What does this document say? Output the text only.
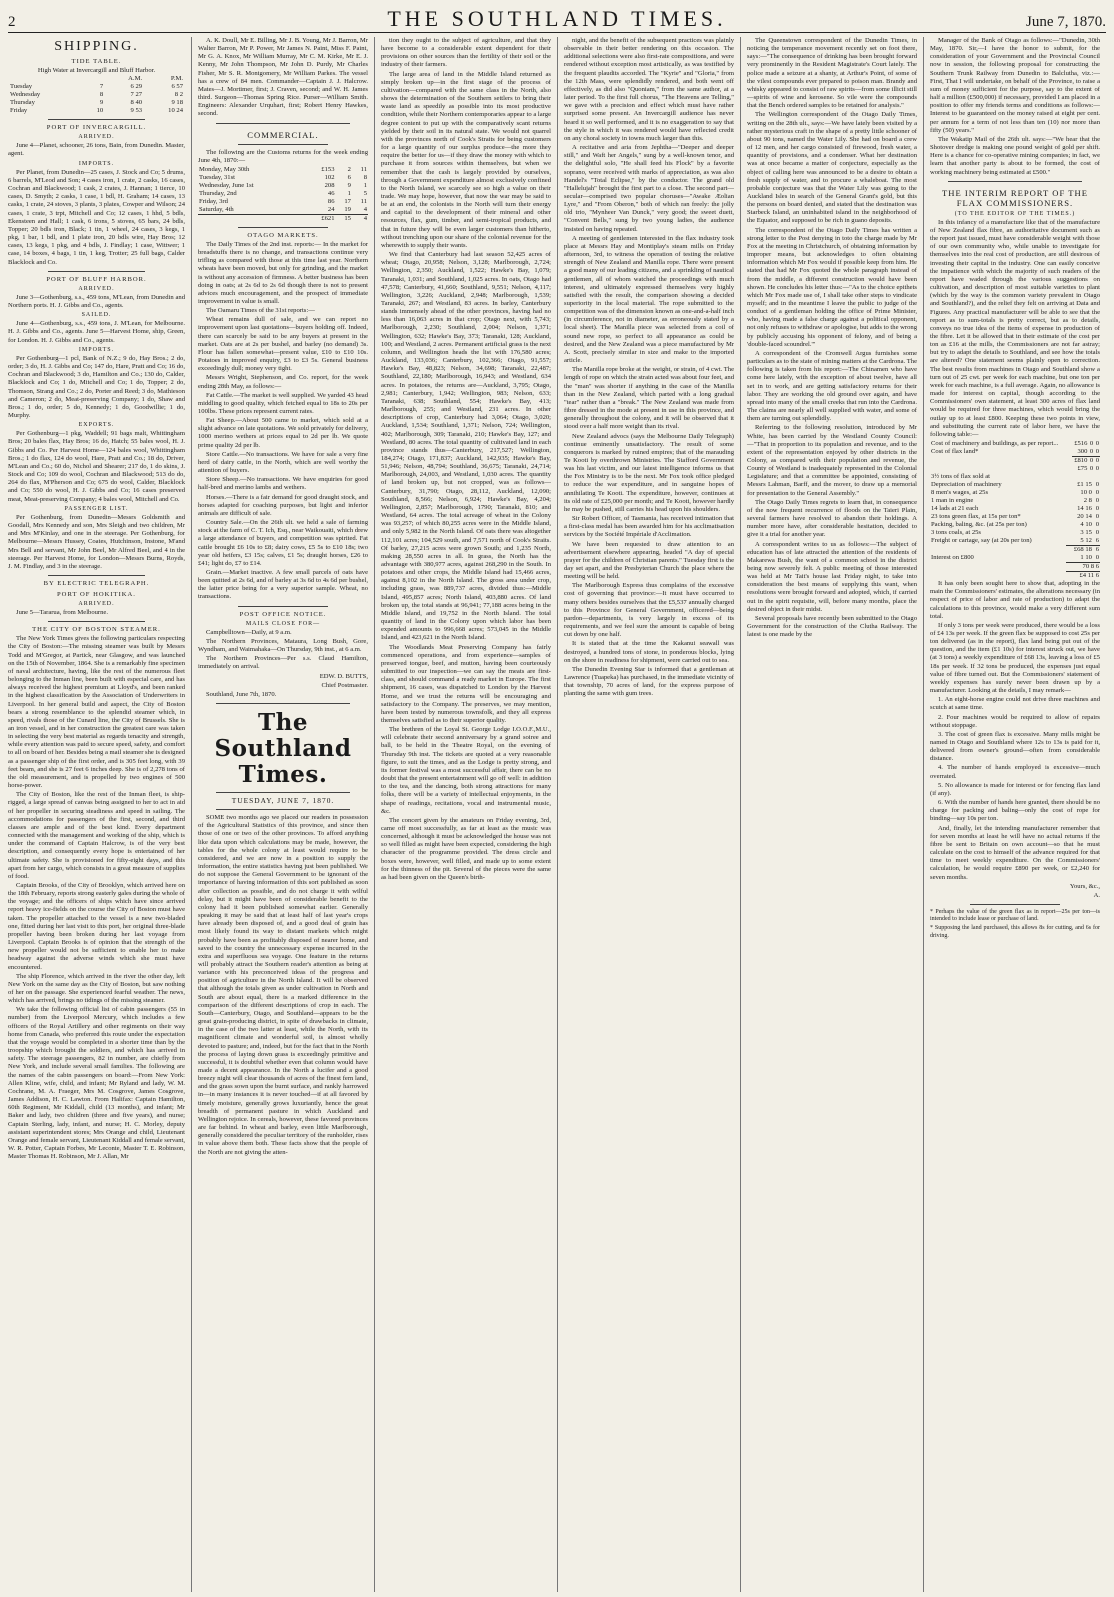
2	THE SOUTHLAND TIMES.	June 7, 1870.
SHIPPING.
TIDE TABLE.
High Water at Invercargill and Bluff Harbor.
		A.M.	P.M.
Tuesday	7	6 29	6 57
Wednesday	8	7 27	8 2
Thursday	9	8 40	9 18
Friday	10	9 53	10 24
PORT OF INVERCARGILL.
ARRIVED.

June 4—Planet, schooner, 26 tons, Bain, from Dunedin. Master, agent.

IMPORTS.

Per Planet, from Dunedin—25 cases, J. Stock and Co; 5 drums, 6 barrels, M'Leod and Son; 4 cases iron, 1 crate, 2 casks, 16 cases, Cochran and Blackwood; 1 cask, 2 crates, J. Hannan; 1 tierce, 10 cases, D. Smyth; 2 casks, 1 case, 1 bdl, H. Graham; 14 cases, 13 casks, 1 crate, 24 stoves, 3 plants, 3 plates, Cowper and Wilson; 24 cases, 1 crate, 3 trpt, Mitchell and Co; 12 cases, 1 hhd, 5 bdls, Ekensteen and Hall; 1 cask, 6 irons, 5 stoves, 65 bars, 24 bdls, Topper; 20 bdls iron, Black; 1 tin, 1 wheel, 24 cases, 3 kegs, 1 pkg, 1 bar, 1 bdl, and 1 plate iron, 20 bdls wire, Hay Bros; 12 cases, 13 kegs, 1 pkg, and 4 bdls, J. Findlay; 1 case, Wittwer; 1 case, 14 boxes, 4 bags, 1 tin, 1 keg, Trotter; 25 full bags, Calder Blacklock and Co.

PORT OF BLUFF HARBOR.
ARRIVED.

June 3—Gothenburg, s.s., 459 tons, M'Lean, from Dunedin and Northern ports. H. J. Gibbs and Co., agents.

SAILED.

June 4—Gothenburg, s.s., 459 tons, J. M'Lean, for Melbourne. H. J. Gibbs and Co., agents. June 5—Harvest Home, ship, Green, for London. H. J. Gibbs and Co., agents.

IMPORTS.

Per Gothenburg—1 pcl, Bank of N.Z.; 9 do, Hay Bros.; 2 do, order; 3 do, H. J. Gibbs and Co; 147 do, Hare, Pratt and Co; 16 do, Cochran and Blackwood; 3 do, Hamilton and Co.; 130 do, Calder, Blacklock and Co; 1 do, Mitchell and Co; 1 do, Topper; 2 do, Thomson, Strang and Co.; 2 do, Porter and Reed; 3 do, Mathieson and Cameron; 2 do, Meat-preserving Company; 1 do, Shaw and Bros.; 1 do, order; 5 do, Kennedy; 1 do, Goodwillie; 1 do, Murphy.

EXPORTS.

Per Gothenburg—1 pkg, Waddell; 91 bags malt, Whittingham Bros; 20 bales flax, Hay Bros; 16 do, Hatch; 55 bales wool, H. J. Gibbs and Co. Per Harvest Home—124 bales wool, Whittingham Bros.; 1 do flax, 124 do wool, Hare, Pratt and Co.; 18 do, Driver, M'Lean and Co.; 60 do, Nichol and Shearer; 217 do, 1 do skins, J. Stock and Co; 109 do wool, Cochran and Blackwood; 513 do do, 264 do flax, M'Pherson and Co; 675 do wool, Calder, Blacklock and Co; 550 do wool, H. J. Gibbs and Co; 16 cases preserved meat, Meat-preserving Company; 4 bales wool, Mitchell and Co.

PASSENGER LIST.

Per Gothenburg, from Dunedin—Messrs Goldsmith and Goodall, Mrs Kennedy and son, Mrs Sleigh and two children, Mr and Mrs M'Kinlay, and one in the steerage. Per Gothenburg, for Melbourne—Messrs Hussey, Coates, Hutchinson, Instone, M'and Mrs Bell and servant, Mr John Beel, Mr Alfred Beel, and 4 in the steerage. Per Harvest Home, for London—Messrs Burns, Royds, J. M. Findlay, and 3 in the steerage.

BY ELECTRIC TELEGRAPH.
PORT OF HOKITIKA.
ARRIVED.

June 5—Tararua, from Melbourne.

THE CITY OF BOSTON STEAMER.

The New York Times gives the following particulars respecting the City of Boston:—The missing steamer was built by Messrs Todd and M'Gregor, at Partick, near Glasgow, and was launched on the 15th of November, 1864. She is a remarkably fine specimen of naval architecture, having, like the rest of the numerous fleet belonging to the Inman line, been built with especial care, and has always received the highest premium at Lloyd's, and been ranked in the highest classification by the Association of Underwriters in Liverpool. In her general build and aspect, the City of Boston bears a strong resemblance to the splendid steamer which, in speed, rivals those of the Cunard line, the City of Brussels. She is an iron vessel, and in her construction the greatest care was taken in selecting the very best material as regards tenacity and strength, while every attention was paid to secure speed, safety, and comfort to all on board of her. Besides being a mail steamer she is designed as a passenger ship of the first order, and is 305 feet long, with 39 feet beam, and she is 27 feet 6 inches deep. She is of 2,278 tons of the old measurement, and is propelled by two engines of 500 horse-power.

The City of Boston, like the rest of the Inman fleet, is ship-rigged, a large spread of canvas being assigned to her to act in aid of her propeller in securing steadiness and speed in sailing. The accommodations for passengers of the first, second, and third classes are ample and of the best kind. Every department connected with the management and working of the ship, which is under the command of Captain Halcrow, is of the very best description, and consequently every hope is entertained of her ultimate safety. She is provisioned for fifty-eight days, and this apart from her cargo, which consists in a great measure of supplies of food.

Captain Brooks, of the City of Brooklyn, which arrived here on the 18th February, reports strong easterly gales during the whole of the voyage; and the officers of ships which have since arrived report heavy ice-fields on the course the City of Boston must have taken. The propeller attached to the vessel is a new two-bladed one, fitted during her last visit to this port, her original three-blade propeller having been broken during her last voyage from Liverpool. Captain Brooks is of opinion that the strength of the new propeller would not be sufficient to enable her to make headway against the adverse winds which she must have encountered.

The ship Florence, which arrived in the river the other day, left New York on the same day as the City of Boston, but saw nothing of her on the passage. She experienced fearful weather. The news, which has arrived, brings no tidings of the missing steamer.

We take the following official list of cabin passengers (55 in number) from the Liverpool Mercury, which includes a few officers of the Royal Artillery and other regiments on their way home from Canada, who preferred this route under the expectation that the voyage would be completed in a shorter time than by the troopship which brought the soldiers, and which has arrived in safety. The steerage passengers, 82 in number, are chiefly from New York, and include several small families. The following are the names of the cabin passengers on board:—From New York: Allen Kline, wife, child, and infant; Mr Ryland and lady, W. M. Cochrane, M. A. Fraeger, Mrs M. Cosgrove, James Cosgrove, James Addison, H. C. Lawton. From Halifax: Captain Hamilton, 60th Regiment, Mr Kiddall, child (13 months), and infant; Mr Baker and lady, two children (three and five years), and nurse; Captain Sterling, lady, infant, and nurse; H. C. Morley, deputy assistant superintendent stores; Mrs Orange and child, Lieutenant Orange and female servant, Lieutenant Kiddall and female servant, W. R. Potter, Captain Forbes, Mr Leconte, Master T. E. Robinson, Master Thomas H. Robinson, Mr J. Allan, Mr

A. K. Doull, Mr E. Billing, Mr J. B. Young, Mr J. Barron, Mr Walter Barron, Mr P. Power, Mr James N. Paint, Miss F. Paint, Mr G. A. Knox, Mr William Murray, Mr C. M. Kirke, Mr E. J. Kenny, Mr John Thompson, Mr John D. Purdy, Mr Charles Fisher, Mr S. R. Montgomery, Mr William Parkes. The vessel has a crew of 84 men. Commander—Captain J. J. Halcrow. Mates—J. Mortimer, first; J. Craven, second; and W. H. James third. Surgeon—Thomas Spring Rice. Purser—William Smith. Engineers: Alexander Urquhart, first; Robert Henry Hawkes, second.

COMMERCIAL.

The following are the Customs returns for the week ending June 4th, 1870:—

Monday, May 30th	£153	2	11
Tuesday, 31st	102	6	8
Wednesday, June 1st	208	9	1
Thursday, 2nd	46	1	5
Friday, 3rd	86	17	11
Saturday, 4th	24	19	4
	£621	15	4
OTAGO MARKETS.

The Daily Times of the 2nd inst. reports:— In the market for breadstuffs there is no change, and transactions continue very trifling as compared with those at this time last year. Northern wheats have been moved, but only for grinding, and the market is without any accession of firmness. A better business has been doing in oats; at 2s 6d to 2s 6d though there is not to present advices much encouragement, and the prospect of immediate improvement in value is small.

The Oamaru Times of the 31st reports:—

Wheat remains dull of sale, and we can report no improvement upon last quotations—buyers holding off. Indeed, there can scarcely be said to be any buyers at present in the market. Oats are at 2s per bushel, and barley (no demand) 3s. Flour has fallen somewhat—present value, £10 to £10 10s. Potatoes in improved enquiry, £3 to £3 5s. General business exceedingly dull; money very tight.

Messrs Wright, Stephenson, and Co. report, for the week ending 28th May, as follows:—

Fat Cattle.—The market is well supplied. We yarded 43 head middling to good quality, which fetched equal to 18s to 20s per 100lbs. These prices represent current rates.

Fat Sheep.—About 500 came to market, which sold at a slight advance on late quotations. We sold privately for delivery, 1000 merino wethers at prices equal to 2d per lb. We quote prime quality 2d per lb.

Store Cattle.—No transactions. We have for sale a very fine herd of dairy cattle, in the North, which are well worthy the attention of buyers.

Store Sheep.—No transactions. We have enquiries for good half-bred and merino lambs and wethers.

Horses.—There is a fair demand for good draught stock, and horses adapted for coaching purposes, but light and inferior animals are difficult of sale.

Country Sale.—On the 26th ult. we held a sale of farming stock at the farm of C. T. Ich, Esq., near Waikouaiti, which drew a large attendance of buyers, and competition was spirited. Fat cattle brought £6 10s to £8; dairy cows, £5 5s to £10 18s; two year old heifers, £3 15s; calves, £1 5s; draught horses, £26 to £41; light do, £7 to £14.

Grain.—Market inactive. A few small parcels of oats have been quitted at 2s 6d, and of barley at 3s 6d to 4s 6d per bushel, the latter price being for a very superior sample. Wheat, no transactions.

POST OFFICE NOTICE.
MAILS CLOSE FOR—

Campbelltown—Daily, at 9 a.m.

The Northern Provinces, Mataura, Long Bush, Gore, Wyndham, and Waimahaka—On Thursday, 9th inst., at 6 a.m.

The Northern Provinces—Per s.s. Claud Hamilton, immediately on arrival.

EDW. D. BUTTS,

Chief Postmaster.

Southland, June 7th, 1870.

The Southland Times.
TUESDAY, JUNE 7, 1870.

SOME two months ago we placed our readers in possession of the Agricultural Statistics of this province, and since then those of one or two of the other provinces. To afford anything like data upon which calculations may be made, however, the tables for the whole colony at least would require to be considered, and we are now in a position to supply the information, the entire statistics having just been published. We do not suppose the General Government to be ignorant of the importance of having information of this sort published as soon after collection as possible, and do not charge it with wilful delay, but it might have been of considerable benefit to the colony had it been published somewhat earlier. Generally speaking it may be said that at least half of last year's crops have already been disposed of, and a good deal of grain has most likely found its way to distant markets which might probably have been as profitably disposed of nearer home, and saved to the country the unnecessary expense incurred in the extra and superfluous sea voyage. One feature in the returns will probably attract the Southern reader's attention as being at variance with his preconceived ideas of the progress and position of agriculture in the North Island. It will be observed that although the totals given as under cultivation in North and South are about equal, there is a marked difference in the comparison of the different descriptions of crop in each. The South—Canterbury, Otago, and Southland—appears to be the great grain-producing district, in spite of drawbacks in climate, in the case of the two latter at least, while the North, with its magnificent climate and wonderful soil, is almost wholly devoted to pasture; and, indeed, but for the fact that in the North the process of laying down grass is exceedingly primitive and successful, it is doubtful whether even that column would have made a decent appearance. In the North a lucifer and a good breezy night will clear thousands of acres of the finest fern land, and the grass sown upon the burnt surface, and rankly harrowed in—in many instances it is never touched—if at all favored by timely moisture, generally grows luxuriantly, hence the great breadth of permanent pasture in which Auckland and Wellington rejoice. In cereals, however, these favored provinces are far behind. In wheat and barley, even little Marlborough, generally considered the peculiar territory of the runholder, rises in value above them both. These facts show that the people of the North are not giving the atten-

tion they ought to the subject of agriculture, and that they have become to a considerable extent dependent for their provisions on other sources than the fertility of their soil or the industry of their farmers.

The large area of land in the Middle Island returned as simply broken up—in the first stage of the process of cultivation—compared with the same class in the North, also shows the determination of the Southern settlers to bring their waste land as speedily as possible into its most productive condition, while their Northern contemporaries appear to a large degree content to put up with the comparatively scant returns yielded by their soil in its natural state. We would not quarrel with the provinces north of Cook's Straits for being customers for a large quantity of our surplus produce—the more they require the better for us—if they draw the money with which to purchase it from sources within themselves, but when we remember that the cash is largely provided by ourselves, through a Government expenditure almost exclusively confined to the North Island, we scarcely see so high a value on their trade. We may hope, however, that now the war may be said to be at an end, the colonists in the North will turn their energy and capital to the development of their mineral and other resources, flax, gum, timber, and semi-tropical products, and that in future they will be even larger customers than hitherto, without trenching upon our share of the colonial revenue for the wherewith to supply their wants.

We find that Canterbury had last season 52,425 acres of wheat; Otago, 20,958; Nelson, 3,128; Marlborough, 2,724; Wellington, 2,350; Auckland, 1,522; Hawke's Bay, 1,079; Taranaki, 1,031; and Southland, 1,025 acres. In oats, Otago had 47,578; Canterbury, 41,660; Southland, 9,551; Nelson, 4,117; Wellington, 3,226; Auckland, 2,948; Marlborough, 1,539; Taranaki, 267; and Westland, 83 acres. In barley, Canterbury stands immensely ahead of the other provinces, having had no less than 16,063 acres in that crop; Otago next, with 5,743; Marlborough, 2,230; Southland, 2,004; Nelson, 1,371; Wellington, 632; Hawke's Bay, 373; Taranaki, 128; Auckland, 100; and Westland, 2 acres. Permanent artificial grass is the next column, and Wellington heads the list with 176,580 acres; Auckland, 133,036; Canterbury, 102,366; Otago, 91,557; Hawke's Bay, 48,823; Nelson, 34,698; Taranaki, 22,487; Southland, 22,180; Marlborough, 16,943; and Westland, 634 acres. In potatoes, the returns are—Auckland, 3,795; Otago, 2,981; Canterbury, 1,942; Wellington, 983; Nelson, 633; Taranaki, 638; Southland, 554; Hawke's Bay, 413; Marlborough, 255; and Westland, 231 acres. In other descriptions of crop, Canterbury had 3,064; Otago, 3,020; Auckland, 1,534; Southland, 1,371; Nelson, 724; Wellington, 402; Marlborough, 309; Taranaki, 210; Hawke's Bay, 127; and Westland, 80 acres. The total quantity of cultivated land in each province stands thus—Canterbury, 217,527; Wellington, 184,274; Otago, 171,837; Auckland, 142,935; Hawke's Bay, 51,946; Nelson, 48,794; Southland, 36,675; Taranaki, 24,714; Marlborough, 24,003, and Westland, 1,030 acres. The quantity of land broken up, but not cropped, was as follows—Canterbury, 31,790; Otago, 28,112, Auckland, 12,090; Southland, 8,566; Nelson, 6,924; Hawke's Bay, 4,204; Wellington, 2,857; Marlborough, 1790; Taranaki, 810; and Westland, 64 acres. The total acreage of wheat in the Colony was 93,257; of which 80,255 acres were in the Middle Island, and only 5,982 in the North Island. Of oats there was altogether 112,101 acres; 104,529 south, and 7,571 north of Cook's Straits. Of barley, 27,215 acres were grown South; and 1,235 North, making 28,550 acres in all. In grass, the North has the advantage with 380,977 acres, against 268,290 in the South. In potatoes and other crops, the Middle Island had 15,466 acres, against 8,102 in the North Island. The gross area under crop, including grass, was 889,737 acres, divided thus:—Middle Island, 495,857 acres; North Island, 403,880 acres. Of land broken up, the total stands at 96,941; 77,188 acres being in the Middle Island, and 19,752 in the North Island. The total quantity of land in the Colony upon which labor has been expended amounts to 996,668 acres; 573,045 in the Middle Island, and 423,621 in the North Island.

The Woodlands Meat Preserving Company has fairly commenced operations, and from experience—samples of preserved tongue, beef, and mutton, having been courteously submitted to our inspection—we can say the meats are first-class, and should command a ready market in Europe. The first shipment, 16 cases, was dispatched to London by the Harvest Home, and we trust the returns will be encouraging and satisfactory to the Company. The preserves, we may mention, have been tested by numerous townsfolk, and they all express themselves satisfied as to their superior quality.

The brethren of the Loyal St. George Lodge I.O.O.F.,M.U., will celebrate their second anniversary by a grand soiree and ball, to be held in the Theatre Royal, on the evening of Thursday 9th inst. The tickets are quoted at a very reasonable figure, to suit the times, and as the Lodge is pretty strong, and its former festival was a most successful affair, there can be no doubt that the present entertainment will go off well: in addition to the tea, and the dancing, both strong attractions for many folks, there will be a variety of intellectual enjoyments, in the shape of readings, recitations, vocal and instrumental music, &c.

The concert given by the amateurs on Friday evening, 3rd, came off most successfully, as far at least as the music was concerned, although it must be acknowledged the house was not so well filled as might have been expected, considering the high character of the programme provided. The dress circle and boxes were, however, well filled, and made up to some extent for the thinness of the pit. Several of the pieces were the same as had been given on the Queen's birth-

night, and the benefit of the subsequent practices was plainly observable in their better rendering on this occasion. The additional selections were also first-rate compositions, and were rendered without exception most artistically, as was testified by the frequent plaudits accorded. The "Kyrie" and "Gloria," from the 12th Mass, were splendidly rendered, and both went off effectively, as did also "Quoniam," from the same author, at a later period. To the first full chorus, "The Heavens are Telling," we gave with a precision and effect which must have rather surprised some present. An Invercargill audience has never heard it so well performed, and it is no exaggeration to say that the style in which it was rendered would have reflected credit on any choral society in towns much larger than this.

A recitative and aria from Jephtha—"Deeper and deeper still," and Waft her Angels," sung by a well-known tenor, and the delightful solo, "He shall feed his Flock" by a favorite soprano, were received with marks of appreciation, as was also Handel's "Total Eclipse," by the conductor. The grand old "Hallelujah" brought the first part to a close. The second part—secular—comprised two popular choruses—"Awake Æolian Lyre," and "From Oberon," both of which ran freely: the jolly old trio, "Mynheer Van Dunck," very good; the sweet duett, "Convent Bells," sung by two young ladies, the audience insisted on having repeated.

A meeting of gentlemen interested in the flax industry took place at Messrs Hay and Montiplay's steam mills on Friday afternoon, 3rd, to witness the operation of testing the relative strength of New Zealand and Manilla rope. There were present a good many of our leading citizens, and a sprinkling of nautical gentlemen, all of whom watched the proceedings with much interest, and ultimately expressed themselves very highly satisfied with the result, the comparison showing a decided superiority in the local material. The rope submitted to the competition was of the dimension known as one-and-a-half inch (in circumference, not in diameter, as erroneously stated by a local sheet). The Manilla piece was selected from a coil of sound new rope, so perfect to all appearance as could be desired, and the New Zealand was a piece manufactured by Mr A. Scott, precisely similar in size and make to the imported article.

The Manilla rope broke at the weight, or strain, of 4 cwt. The length of rope on which the strain acted was about four feet, and the "man" was shorter if anything in the case of the Manilla than in the New Zealand, which parted with a long gradual "tear" rather than a "break." The New Zealand was made from fibre dressed in the mode at present in use in this province, and generally throughout the colony, and it will be observed that it stood over a half more weight than its rival.

New Zealand advocs (says the Melbourne Daily Telegraph) continue eminently unsatisfactory. The result of some conquerors is marked by ruined empires; that of the marauding Te Kooti by overthrown Ministries. The Stafford Government was his last victim, and our latest intelligence informs us that the Fox Ministry is to be the next. Mr Fox took office pledged to reduce the war expenditure, and in sanguine hopes of annihilating Te Kooti. The expenditure, however, continues at its old rate of £25,000 per month; and Te Kooti, however hardly he may be pushed, still carries his head upon his shoulders.

Sir Robert Officer, of Tasmania, has received intimation that a first-class medal has been awarded him for his acclimatisation services by the Société Impériale d'Acclimation.

We have been requested to draw attention to an advertisement elsewhere appearing, headed "A day of special prayer for the children of Christian parents." Tuesday first is the day set apart, and the Presbyterian Church the place where the meeting will be held.

The Marlborough Express thus complains of the excessive cost of governing that province:—It must have occurred to many others besides ourselves that the £5,537 annually charged to this Province for General Government, officered—being pardon—departments, is very largely in excess of its requirements, and we feel sure the amount is capable of being cut down by one half.

It is stated that at the time the Kakanui seawall was destroyed, a hundred tons of stone, in ponderous blocks, lying on the shore in readiness for shipment, were carried out to sea.

The Dunedin Evening Star is informed that a gentleman at Lawrence (Tuapeka) has purchased, in the immediate vicinity of that township, 70 acres of land, for the express purpose of planting the same with gum trees.

The Queenstown correspondent of the Dunedin Times, in noticing the temperance movement recently set on foot there, says:—"The consequence of drinking has been brought forward very prominently in the Resident Magistrate's Court lately. The police made a seizure at a shanty, at Arthur's Point, of some of the vilest compounds ever prepared to poison man. Brandy and whisky appeared to consist of raw spirits—from some illicit still—spirits of wine and kerosene. So vile were the compounds that the Bench ordered samples to be retained for analysis."

The Wellington correspondent of the Otago Daily Times, writing on the 28th ult., says:—We have lately been visited by a rather mysterious craft in the shape of a pretty little schooner of about 90 tons, named the Water Lily. She had on board a crew of 12 men, and her cargo consisted of firewood, fresh water, a quantity of provisions, and a condenser. What her destination was at once became a matter of conjecture, especially as the object of calling here was announced to be a desire to obtain a fresh supply of water, and to procure a whaleboat. The most probable conjecture was that the Water Lily was going to the Auckland Isles in search of the General Grant's gold, but this the persons on board denied, and stated that the destination was Starbeck Island, an uninhabited island in the neighborhood of the Equator, and supposed to be rich in guano deposits.

The correspondent of the Otago Daily Times has written a strong letter to the Post denying in toto the charge made by Mr Fox at the meeting in Christchurch, of obtaining information by improper means, but acknowledges to often obtaining information which Mr Fox would if possible keep from him. He stated that had Mr Fox quoted the whole paragraph instead of from the middle, a different construction would have been shown. He concludes his letter thus:—"As to the choice epithets which Mr Fox made use of, I shall take other steps to vindicate myself; and in the meantime I leave the public to judge of the conduct of a gentleman holding the office of Prime Minister, who, having made a false charge against a political opponent, not only refuses to withdraw or apologise, but adds to the wrong by publicly accusing his opponent of felony, and of being a 'double-faced scoundrel.'"

A correspondent of the Cromwell Argus furnishes some particulars as to the state of mining matters at the Cardrona. The following is taken from his report:—The Chinamen who have come here lately, with the exception of about twelve, have all set in to work, and are getting satisfactory returns for their labor. They are working the old ground over again, and have spread into many of the small creeks that run into the Cardrona. The claims are nearly all well supplied with water, and some of them are turning out splendidly.

Referring to the following resolution, introduced by Mr White, has been carried by the Westland County Council:—"That in proportion to its population and revenue, and to the extent of the representation enjoyed by other districts in the Colony, as compared with their population and revenue, the County of Westland is inadequately represented in the Colonial Legislature; and that a committee be appointed, consisting of Messrs Lahman, Barff, and the mover, to draw up a memorial for presentation to the General Assembly."

The Otago Daily Times regrets to learn that, in consequence of the now frequent recurrence of floods on the Taieri Plain, several farmers have resolved to abandon their holdings. A number more have, after considerable hesitation, decided to give it a trial for another year.

A correspondent writes to us as follows:—The subject of education has of late attracted the attention of the residents of Makarewa Bush, the want of a common school in the district being now severely felt. A public meeting of those interested was held at Mr Tait's house last Friday night, to take into consideration the best means of supplying this want, when resolutions were brought forward and adopted, which, if carried out in the spirit requisite, will, before many months, place the desired object in their midst.

Several proposals have recently been submitted to the Otago Government for the construction of the Clutha Railway. The latest is one made by the

Manager of the Bank of Otago as follows:—"Dunedin, 30th May, 1870. Sir,—I have the honor to submit, for the consideration of your Government and the Provincial Council now in session, the following proposal for constructing the Southern Trunk Railway from Dunedin to Balclutha, viz.:—First, That I will undertake, on behalf of the Province, to raise a sum of money sufficient for the purpose, say to the extent of half a million (£500,000) if necessary, provided I am placed in a position to offer my friends terms and conditions as follows:—Interest to be guaranteed on the money raised at eight per cent. per annum for a term of not less than ten (10) nor more than fifty (50) years."

The Wakatip Mail of the 26th ult. says:—"We hear that the Shotover dredge is making one pound weight of gold per shift. Here is a chance for co-operative mining companies; in fact, we learn that another party is about to be formed, the cost of working machinery being estimated at £500."

THE INTERIM REPORT OF THE FLAX COMMISSIONERS.
(TO THE EDITOR OF THE TIMES.)

In this infancy of a manufacture like that of the manufacture of New Zealand flax fibre, an authoritative document such as the report just issued, must have considerable weight with those of our own community who, while unable to investigate for themselves into the real cost of production, are still desirous of investing their capital in the industry. One can easily conceive the impatience with which the majority of such readers of the report have waded through the various suggestions on cultivation, and description of most suitable varieties to plant (which by the way is the common variety prevalent in Otago and Southland?), and the relief they felt on arriving at Data and Figures. Any practical manufacturer will be able to see that the report as to sum-totals is pretty correct, but as to details, conveys no true idea of the items of expense in production of the fibre. Let it be allowed that in their estimate of the cost per ton as £16 at the mills, the Commissioners are not far astray; but try to adapt the details to Southland, and see how the totals are altered? One statement seems plainly open to correction. The best results from machines in Otago and Southland show a turn out of 25 cwt. per week for each machine, but one ton per week for each machine, is a full average. Again, no allowance is made for interest on capital, though according to the Commissioners' own statement, at least 300 acres of flax land would be required for three machines, which would bring the outlay up to at least £800. Keeping these two points in view, and substituting the current rate of labor here, we have the following table:—

Cost of machinery and buildings, as per report...	£516	0	0
Cost of flax land*	300	0	0
	£810	0	0
	£75	0	0
3½ tons of flax sold at		
Depreciation of machinery	£1 15	0
8 men's wages, at 25s	10 0	0
1 man in engine	2 8	0
14 lads at 21 each	14 16	0
23 tons green flax, at 15s per ton*	20 14	0
Packing, baling, &c. (at 25s per ton)	4 10	0
3 tons coals, at 25s	3 15	0
Freight or cartage, say (at 20s per ton)	5 12	6
	£68 18	6
Interest on £800	1 10	0
	70 8 6	
	£4 11 6	

It has only been sought here to show that, adopting in the main the Commissioners' estimates, the alterations necessary (in respect of price of labor and rate of production) to adapt the calculations to this province, would make a very different sum total.

If only 3 tons per week were produced, there would be a loss of £4 13s per week. If the green flax be supposed to cost 25s per ton delivered (as in the report), flax land being put out of the question, and the item (£1 10s) for interest struck out, we have (at 3 tons) a weekly expenditure of £68 13s, leaving a loss of £5 18s per week. If 32 tons be produced, the expenses just equal value of fibre turned out. But the Commissioners' statement of weekly expenses has surely never been drawn up by a manufacturer. Looking at the details, I may remark—

1. An eight-horse engine could not drive three machines and scutch at same time.

2. Four machines would be required to allow of repairs without stoppage.

3. The cost of green flax is excessive. Many mills might be named in Otago and Southland where 12s to 13s is paid for it, delivered from owner's ground—often from considerable distance.

4. The number of hands employed is excessive—much overrated.

5. No allowance is made for interest or for fencing flax land (if any).

6. With the number of hands here granted, there should be no charge for packing and baling—only the cost of rope for binding—say 10s per ton.

And, finally, let the intending manufacturer remember that for seven months at least he will have no actual returns if the fibre be sent to Britain on own account—so that he must calculate on the cost to himself of the advance required for that time to meet weekly expenditure. On the Commissioners' calculation, he would require £890 per week, or £2,240 for seven months.

Yours, &c.,

A.

* Perhaps the value of the green flax as in report—25s per ton—is intended to include lease or purchase of land.
* Supposing the land purchased, this allows 8s for cutting, and 6s for driving.
